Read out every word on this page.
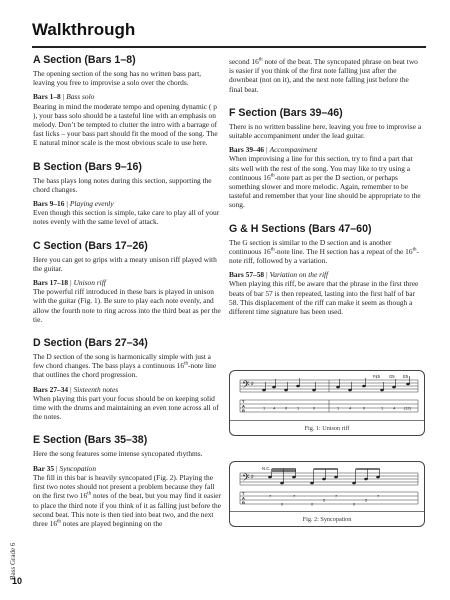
Walkthrough
A Section (Bars 1–8)

The opening section of the song has no written bass part, leaving you free to improvise a solo over the chords.

Bars 1–8 | Bass solo

Bearing in mind the moderate tempo and opening dynamic ( p ), your bass solo should be a tasteful line with an emphasis on melody. Don’t be tempted to clutter the intro with a barrage of fast licks – your bass part should fit the mood of the song. The E natural minor scale is the most obvious scale to use here.

B Section (Bars 9–16)

The bass plays long notes during this section, supporting the chord changes.

Bars 9–16 | Playing evenly

Even though this section is simple, take care to play all of your notes evenly with the same level of attack.

C Section (Bars 17–26)

Here you can get to grips with a meaty unison riff played with the guitar.

Bars 17–18 | Unison riff

The powerful riff introduced in these bars is played in unison with the guitar (Fig. 1). Be sure to play each note evenly, and allow the fourth note to ring across into the third beat as per the tie.

D Section (Bars 27–34)

The D section of the song is harmonically simple with just a few chord changes. The bass plays a continuous 16th-note line that outlines the chord progression.

Bars 27–34 | Sixteenth notes

When playing this part your focus should be on keeping solid time with the drums and maintaining an even tone across all of the notes.

E Section (Bars 35–38)

Here the song features some intense syncopated rhythms.

Bar 35 | Syncopation

The fill in this bar is heavily syncopated (Fig. 2). Playing the first two notes should not present a problem because they fall on the first two 16th notes of the beat, but you may find it easier to place the third note if you think of it as falling just before the second beat. This note is then tied into beat two, and the next three 16th notes are played beginning on the

second 16th note of the beat. The syncopated phrase on beat two is easier if you think of the first note falling just after the downbeat (not on it), and the next note falling just before the final beat.

F Section (Bars 39–46)

There is no written bassline here, leaving you free to improvise a suitable accompaniment under the lead guitar.

Bars 39–46 | Accompaniment

When improvising a line for this section, try to find a part that sits well with the rest of the song. You may like to try using a continuous 16th-note part as per the D section, or perhaps something slower and more melodic. Again, remember to be tasteful and remember that your line should be appropriate to the song.

G & H Sections (Bars 47–60)

The G section is similar to the D section and is another continuous 16th-note line. The H section has a repeat of the 16th-note riff, followed by a variation.

Bars 57–58 | Variation on the riff

When playing this riff, be aware that the phrase in the first three beats of bar 57 is then repeated, lasting into the first half of bar 58. This displacement of the riff can make it seem as though a different time signature has been used.

𝄢 ♯
F♯5 G5 E5
T
A
B	1 4 0 1	0	1 4	0	1 4 (12)
Fig. 1: Unison riff
𝄢 ♯
N.C.
T
A
B
7
0
7
0
5
7
0
5
7
Fig. 2: Syncopation
Bass Grade 6
10
